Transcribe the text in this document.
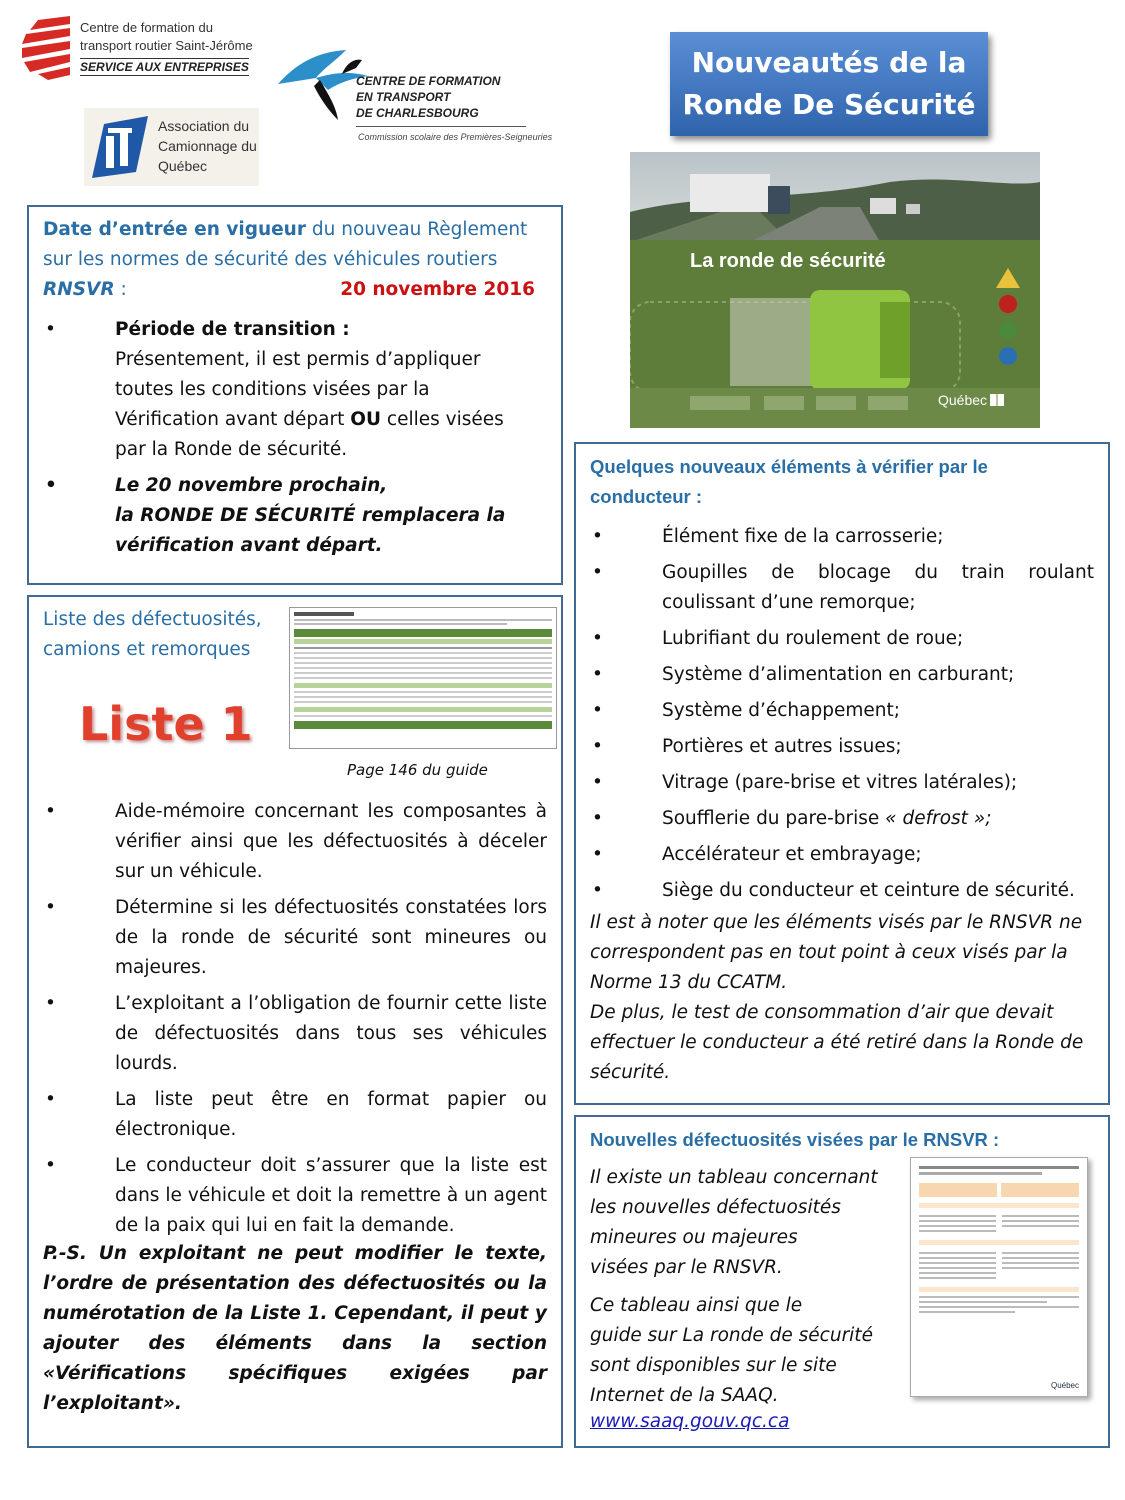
Centre de formation du
transport routier Saint-Jérôme
SERVICE AUX ENTREPRISES
Association du
Camionnage du
Québec
CENTRE DE FORMATION
EN TRANSPORT
DE CHARLESBOURG
Commission scolaire des Premières-Seigneuries
Nouveautés de la
Ronde De Sécurité
La ronde de sécurité
Québec
Date d’entrée en vigueur du nouveau Règlement
sur les normes de sécurité des véhicules routiers
RNSVR :	20 novembre 2016
• Période de transition :
Présentement, il est permis d’appliquer
toutes les conditions visées par la
Vérification avant départ OU celles visées
par la Ronde de sécurité.
• Le 20 novembre prochain,
la RONDE DE SÉCURITÉ remplacera la
vérification avant départ.
Liste des défectuosités,
camions et remorques
Liste 1
Page 146 du guide
• Aide-mémoire concernant les composantes à vérifier ainsi que les défectuosités à déceler sur un véhicule.
• Détermine si les défectuosités constatées lors de la ronde de sécurité sont mineures ou majeures.
• L’exploitant a l’obligation de fournir cette liste de défectuosités dans tous ses véhicules lourds.
• La liste peut être en format papier ou électronique.
• Le conducteur doit s’assurer que la liste est dans le véhicule et doit la remettre à un agent de la paix qui lui en fait la demande.
P.-S. Un exploitant ne peut modifier le texte, l’ordre de présentation des défectuosités ou la numérotation de la Liste 1. Cependant, il peut y ajouter des éléments dans la section «Vérifications spécifiques exigées par l’exploitant».
Quelques nouveaux éléments à vérifier par le
conducteur :
• Élément fixe de la carrosserie;
• Goupilles de blocage du train roulant coulissant d’une remorque;
• Lubrifiant du roulement de roue;
• Système d’alimentation en carburant;
• Système d’échappement;
• Portières et autres issues;
• Vitrage (pare-brise et vitres latérales);
• Soufflerie du pare-brise « defrost »;
• Accélérateur et embrayage;
• Siège du conducteur et ceinture de sécurité.
Il est à noter que les éléments visés par le RNSVR ne correspondent pas en tout point à ceux visés par la Norme 13 du CCATM.
De plus, le test de consommation d’air que devait effectuer le conducteur a été retiré dans la Ronde de sécurité.
Nouvelles défectuosités visées par le RNSVR :
Il existe un tableau concernant
les nouvelles défectuosités
mineures ou majeures
visées par le RNSVR.
Ce tableau ainsi que le
guide sur La ronde de sécurité
sont disponibles sur le site
Internet de la SAAQ.
www.saaq.gouv.qc.ca
Québec
